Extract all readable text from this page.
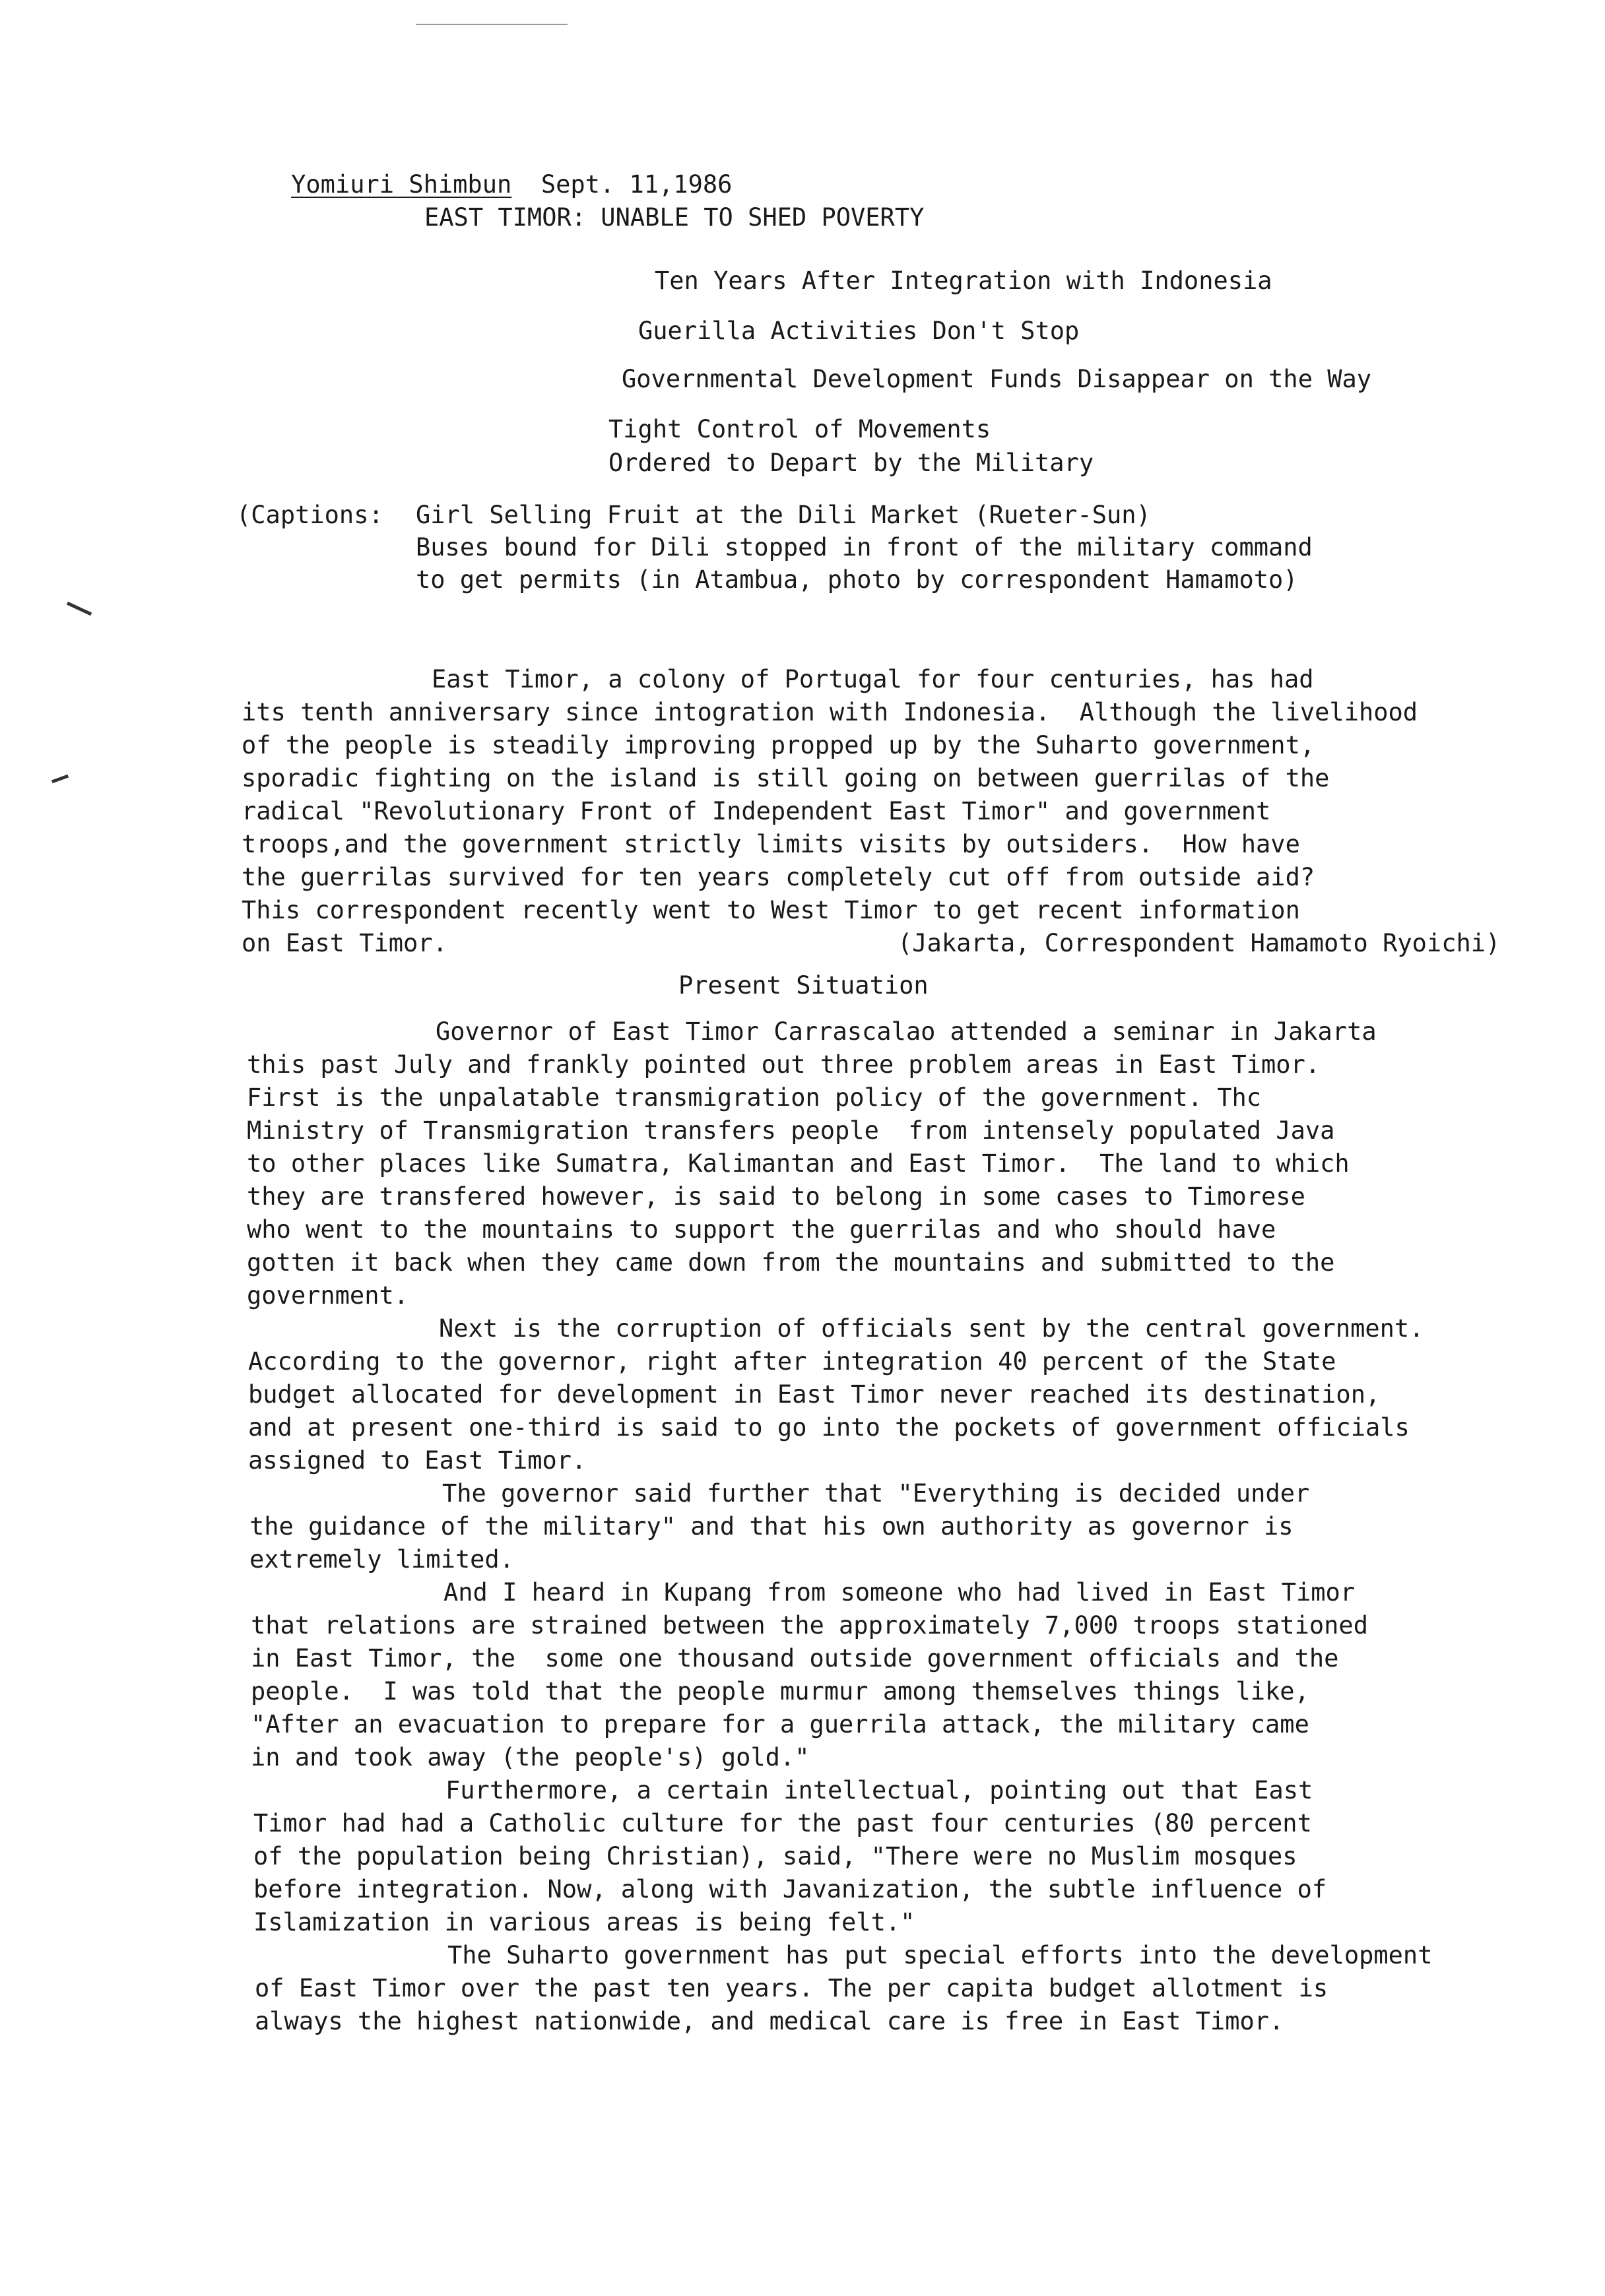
Yomiuri Shimbun Sept. 11,1986

EAST TIMOR: UNABLE TO SHED POVERTY
Ten Years After Integration with Indonesia
Guerilla Activities Don't Stop
Governmental Development Funds Disappear on the Way
Tight Control of Movements
Ordered to Depart by the Military
(Captions: Girl Selling Fruit at the Dili Market (Rueter-Sun)
Buses bound for Dili stopped in front of the military command
to get permits (in Atambua, photo by correspondent Hamamoto)
East Timor, a colony of Portugal for four centuries, has had
its tenth anniversary since intogration with Indonesia.  Although the livelihood
of the people is steadily improving propped up by the Suharto government,
sporadic fighting on the island is still going on between guerrilas of the
radical "Revolutionary Front of Independent East Timor" and government
troops,and the government strictly limits visits by outsiders.  How have
the guerrilas survived for ten years completely cut off from outside aid?
This correspondent recently went to West Timor to get recent information
on East Timor.	(Jakarta, Correspondent Hamamoto Ryoichi)
Present Situation
Governor of East Timor Carrascalao attended a seminar in Jakarta
this past July and frankly pointed out three problem areas in East Timor.
First is the unpalatable transmigration policy of the government. Thc
Ministry of Transmigration transfers people  from intensely populated Java
to other places like Sumatra, Kalimantan and East Timor.  The land to which
they are transfered however, is said to belong in some cases to Timorese
who went to the mountains to support the guerrilas and who should have
gotten it back when they came down from the mountains and submitted to the
government.
Next is the corruption of officials sent by the central government.
According to the governor, right after integration 40 percent of the State
budget allocated for development in East Timor never reached its destination,
and at present one-third is said to go into the pockets of government officials
assigned to East Timor.
The governor said further that "Everything is decided under
the guidance of the military" and that his own authority as governor is
extremely limited.
And I heard in Kupang from someone who had lived in East Timor
that relations are strained between the approximately 7,000 troops stationed
in East Timor, the  some one thousand outside government officials and the
people.  I was told that the people murmur among themselves things like,
"After an evacuation to prepare for a guerrila attack, the military came
in and took away (the people's) gold."
Furthermore, a certain intellectual, pointing out that East
Timor had had a Catholic culture for the past four centuries (80 percent
of the population being Christian), said, "There were no Muslim mosques
before integration. Now, along with Javanization, the subtle influence of
Islamization in various areas is being felt."
The Suharto government has put special efforts into the development
of East Timor over the past ten years. The per capita budget allotment is
always the highest nationwide, and medical care is free in East Timor.
